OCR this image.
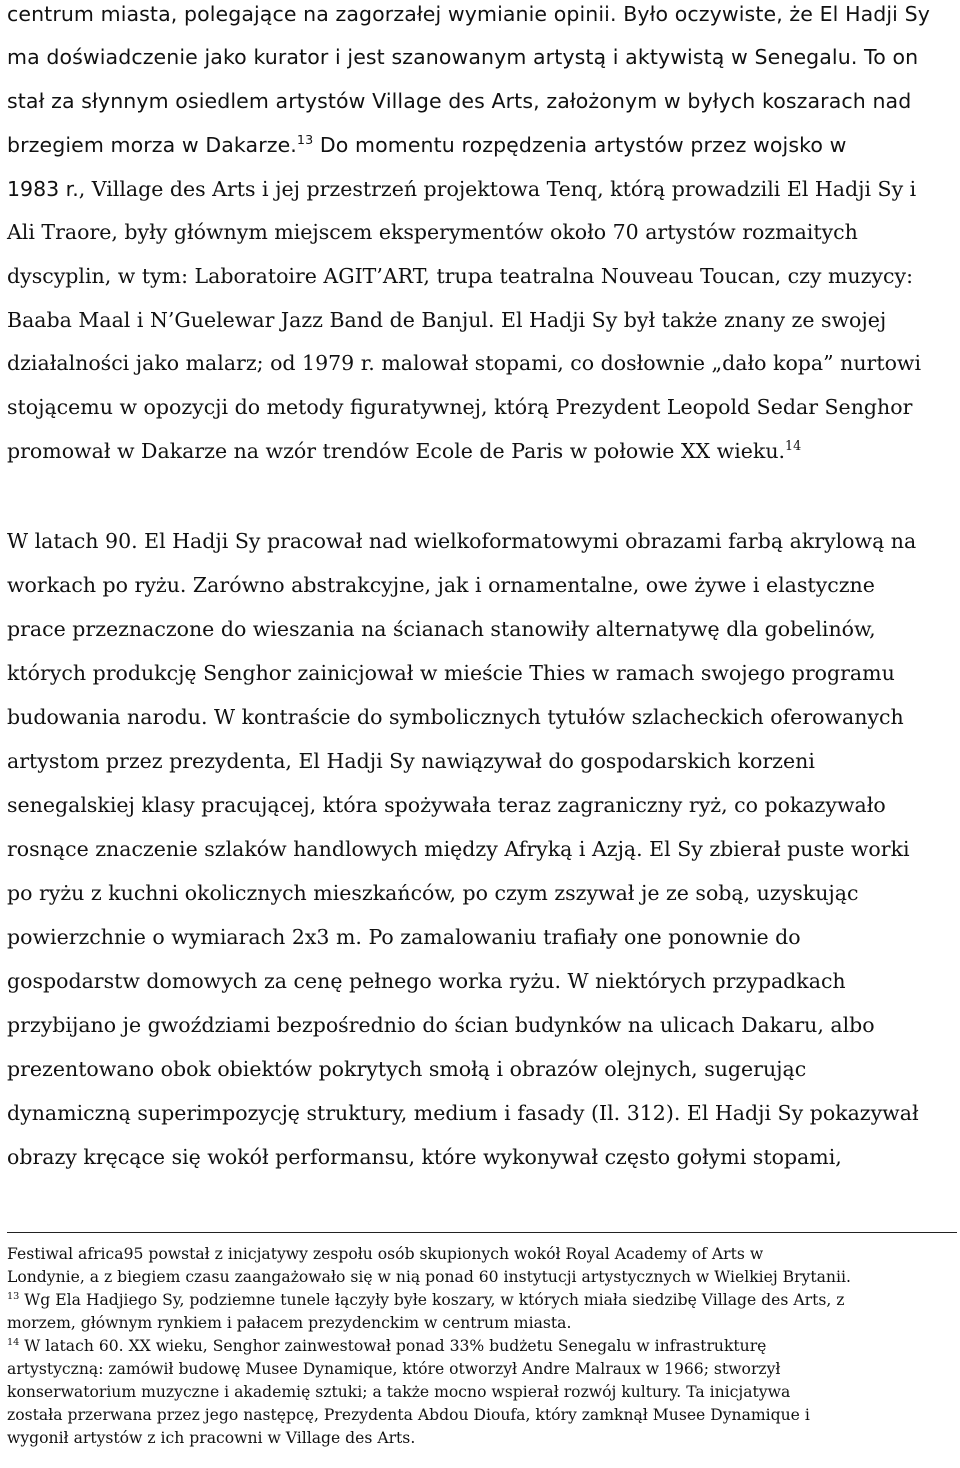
centrum miasta, polegające na zagorzałej wymianie opinii. Było oczywiste, że El Hadji Sy
ma doświadczenie jako kurator i jest szanowanym artystą i aktywistą w Senegalu. To on
stał za słynnym osiedlem artystów Village des Arts, założonym w byłych koszarach nad
brzegiem morza w Dakarze.$^{13}$ Do momentu rozpędzenia artystów przez wojsko w
1983 r., Village des Arts i jej przestrzeń projektowa Tenq, którą prowadzili El Hadji Sy i
Ali Traore, były głównym miejscem eksperymentów około 70 artystów rozmaitych
dyscyplin, w tym: Laboratoire AGIT’ART, trupa teatralna Nouveau Toucan, czy muzycy:
Baaba Maal i N’Guelewar Jazz Band de Banjul. El Hadji Sy był także znany ze swojej
działalności jako malarz; od 1979 r. malował stopami, co dosłownie „dało kopa” nurtowi
stojącemu w opozycji do metody figuratywnej, którą Prezydent Leopold Sedar Senghor
promował w Dakarze na wzór trendów Ecole de Paris w połowie XX wieku.$^{14}$
W latach 90. El Hadji Sy pracował nad wielkoformatowymi obrazami farbą akrylową na
workach po ryżu. Zarówno abstrakcyjne, jak i ornamentalne, owe żywe i elastyczne
prace przeznaczone do wieszania na ścianach stanowiły alternatywę dla gobelinów,
których produkcję Senghor zainicjował w mieście Thies w ramach swojego programu
budowania narodu. W kontraście do symbolicznych tytułów szlacheckich oferowanych
artystom przez prezydenta, El Hadji Sy nawiązywał do gospodarskich korzeni
senegalskiej klasy pracującej, która spożywała teraz zagraniczny ryż, co pokazywało
rosnące znaczenie szlaków handlowych między Afryką i Azją. El Sy zbierał puste worki
po ryżu z kuchni okolicznych mieszkańców, po czym zszywał je ze sobą, uzyskując
powierzchnie o wymiarach 2x3 m. Po zamalowaniu trafiały one ponownie do
gospodarstw domowych za cenę pełnego worka ryżu. W niektórych przypadkach
przybijano je gwoździami bezpośrednio do ścian budynków na ulicach Dakaru, albo
prezentowano obok obiektów pokrytych smołą i obrazów olejnych, sugerując
dynamiczną superimpozycję struktury, medium i fasady (Il. 312). El Hadji Sy pokazywał
obrazy kręcące się wokół performansu, które wykonywał często gołymi stopami,
Festiwal africa95 powstał z inicjatywy zespołu osób skupionych wokół Royal Academy of Arts w
Londynie, a z biegiem czasu zaangażowało się w nią ponad 60 instytucji artystycznych w Wielkiej Brytanii.
$^{13}$ Wg Ela Hadjiego Sy, podziemne tunele łączyły byłe koszary, w których miała siedzibę Village des Arts, z
morzem, głównym rynkiem i pałacem prezydenckim w centrum miasta.
$^{14}$ W latach 60. XX wieku, Senghor zainwestował ponad 33% budżetu Senegalu w infrastrukturę
artystyczną: zamówił budowę Musee Dynamique, które otworzył Andre Malraux w 1966; stworzył
konserwatorium muzyczne i akademię sztuki; a także mocno wspierał rozwój kultury. Ta inicjatywa
została przerwana przez jego następcę, Prezydenta Abdou Dioufa, który zamknął Musee Dynamique i
wygonił artystów z ich pracowni w Village des Arts.
